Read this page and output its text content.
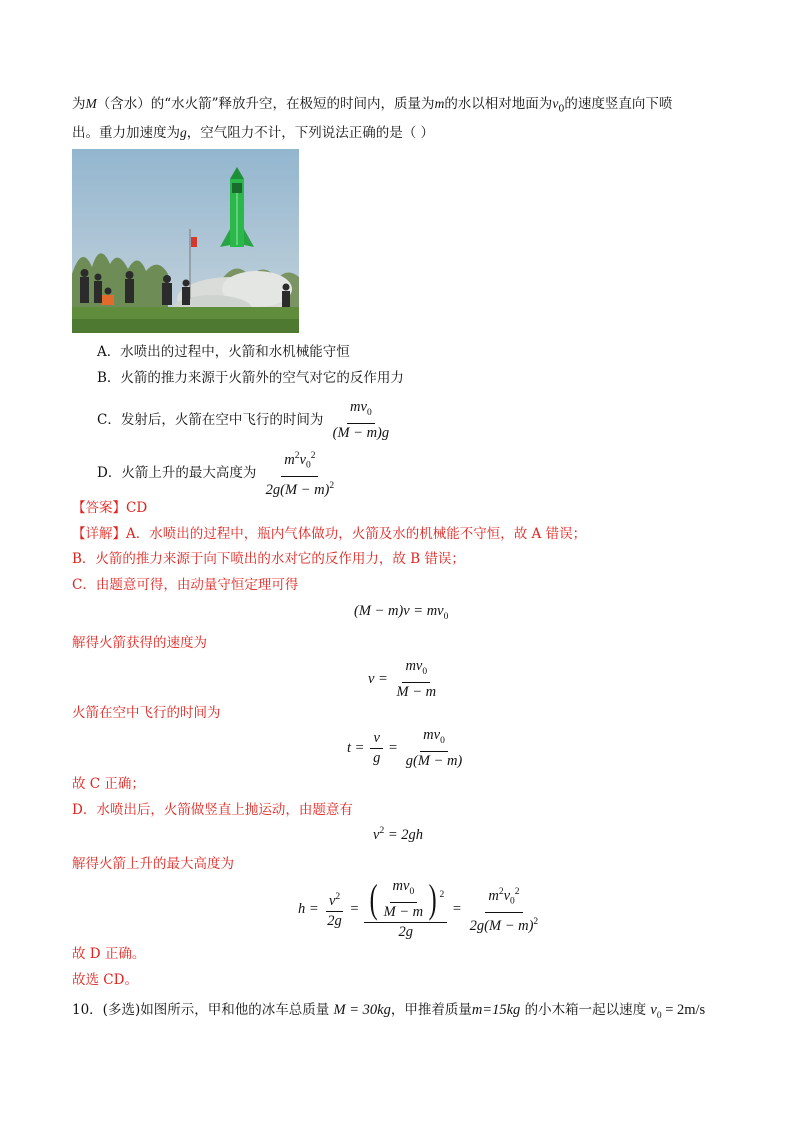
为M（含水）的“水火箭”释放升空，在极短的时间内，质量为m的水以相对地面为$v_0$的速度竖直向下喷
出。重力加速度为g，空气阻力不计，下列说法正确的是（ ）
A．水喷出的过程中，火箭和水机械能守恒
B．火箭的推力来源于火箭外的空气对它的反作用力
C．发射后，火箭在空中飞行的时间为 $\frac{mv_0}{(M - m)g}$
D．火箭上升的最大高度为 $\frac{m^2v_0^2}{2g(M - m)^2}$
【答案】CD
【详解】A．水喷出的过程中，瓶内气体做功，火箭及水的机械能不守恒，故 A 错误；
B．火箭的推力来源于向下喷出的水对它的反作用力，故 B 错误；
C．由题意可得，由动量守恒定理可得
$(M - m)v = mv_0$
解得火箭获得的速度为
$v = \frac{mv_0}{M - m}$
火箭在空中飞行的时间为
$t = \frac{v}{g} = \frac{mv_0}{g(M - m)}$
故 C 正确；
D．水喷出后，火箭做竖直上抛运动，由题意有
$v^2 = 2gh$
解得火箭上升的最大高度为
$h = \frac{v^2}{2g} = \frac{( \frac{mv_0}{M - m} ) ^2}{2g} = \frac{m^2v_0^2}{2g(M - m)^2}$
故 D 正确。
故选 CD。
10．(多选)如图所示，甲和他的冰车总质量 M = 30kg，甲推着质量m=15kg 的小木箱一起以速度 $v_0 = 2m/s$
